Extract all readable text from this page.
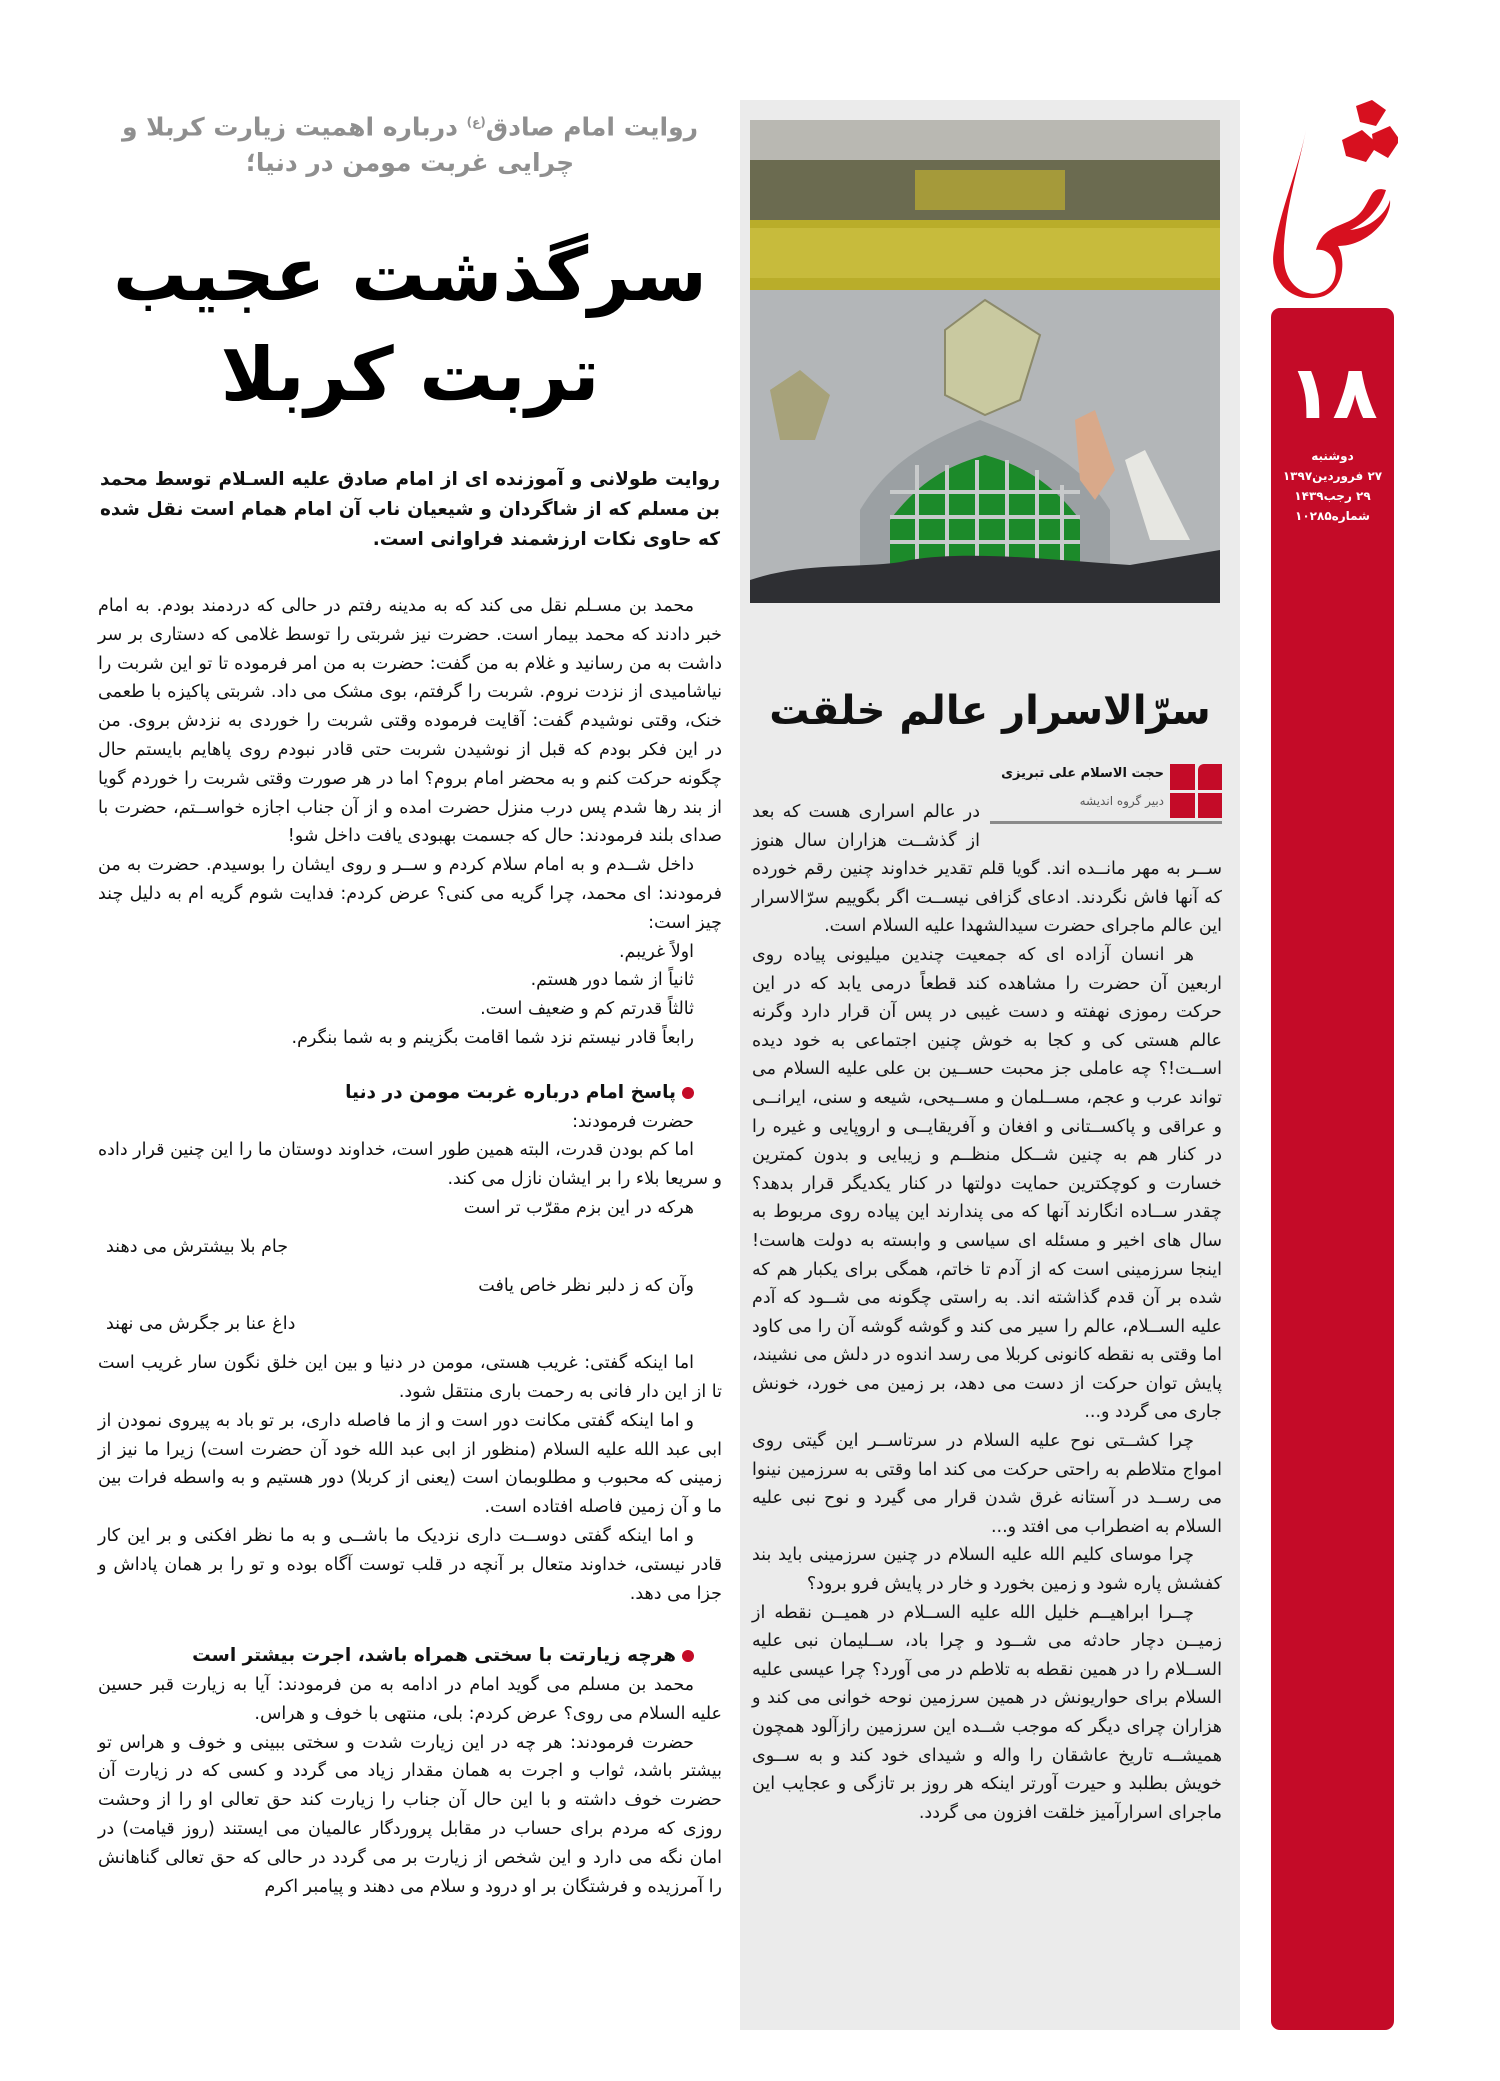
۱۸
دوشنبه
۲۷ فروردین۱۳۹۷
۲۹ رجب۱۴۳۹
شماره۱۰۲۸۵
سرّالاسرار عالم خلقت
حجت الاسلام علی تبریزی
دبیر گروه اندیشه

در عالم اسراری هست که بعد از گذشــت هزاران سال هنوز ســر به مهر مانــده اند. گویا قلم تقدیر خداوند چنین رقم خورده که آنها فاش نگردند. ادعای گزافی نیســت اگر بگوییم سرّالاسرار این عالم ماجرای حضرت سیدالشهدا علیه السلام است.

هر انسان آزاده ای که جمعیت چندین میلیونی پیاده روی اربعین آن حضرت را مشاهده کند قطعاً درمی یابد که در این حرکت رموزی نهفته و دست غیبی در پس آن قرار دارد وگرنه عالم هستی کی و کجا به خوش چنین اجتماعی به خود دیده اســت!؟ چه عاملی جز محبت حســین بن علی علیه السلام می تواند عرب و عجم، مســلمان و مســیحی، شیعه و سنی، ایرانــی و عراقی و پاکســتانی و افغان و آفریقایــی و اروپایی و غیره را در کنار هم به چنین شــکل منظــم و زیبایی و بدون کمترین خسارت و کوچکترین حمایت دولتها در کنار یکدیگر قرار بدهد؟ چقدر ســاده انگارند آنها که می پندارند این پیاده روی مربوط به سال های اخیر و مسئله ای سیاسی و وابسته به دولت هاست! اینجا سرزمینی است که از آدم تا خاتم، همگی برای یکبار هم که شده بر آن قدم گذاشته اند. به راستی چگونه می شــود که آدم علیه الســلام، عالم را سیر می کند و گوشه گوشه آن را می کاود اما وقتی به نقطه کانونی کربلا می رسد اندوه در دلش می نشیند، پایش توان حرکت از دست می دهد، بر زمین می خورد، خونش جاری می گردد و...

چرا کشــتی نوح علیه السلام در سرتاســر این گیتی روی امواج متلاطم به راحتی حرکت می کند اما وقتی به سرزمین نینوا می رســد در آستانه غرق شدن قرار می گیرد و نوح نبی علیه السلام به اضطراب می افتد و...

چرا موسای کلیم الله علیه السلام در چنین سرزمینی باید بند کفشش پاره شود و زمین بخورد و خار در پایش فرو برود؟

چــرا ابراهیــم خلیل الله علیه الســلام در همیــن نقطه از زمیــن دچار حادثه می شــود و چرا باد، ســلیمان نبی علیه الســلام را در همین نقطه به تلاطم در می آورد؟ چرا عیسی علیه السلام برای حواریونش در همین سرزمین نوحه خوانی می کند و هزاران چرای دیگر که موجب شــده این سرزمین رازآلود همچون همیشــه تاریخ عاشقان را واله و شیدای خود کند و به ســوی خویش بطلبد و حیرت آورتر اینکه هر روز بر تازگی و عجایب این ماجرای اسرارآمیز خلقت افزون می گردد.

روایت امام صادق$^{(ع)}$ درباره اهمیت زیارت کربلا و چرایی غربت مومن در دنیا؛
سرگذشت عجیب
تربت کربلا
روایت طولانی و آموزنده ای از امام صادق علیه السـلام توسط محمد بن مسلم که از شاگردان و شیعیان ناب آن امام همام است نقل شده که حاوی نکات ارزشمند فراوانی است.

محمد بن مسـلم نقل می کند که به مدینه رفتم در حالی که دردمند بودم. به امام خبر دادند که محمد بیمار است. حضرت نیز شربتی را توسط غلامی که دستاری بر سر داشت به من رسانید و غلام به من گفت: حضرت به من امر فرموده تا تو این شربت را نیاشامیدی از نزدت نروم. شربت را گرفتم، بوی مشک می داد. شربتی پاکیزه با طعمی خنک، وقتی نوشیدم گفت: آقایت فرموده وقتی شربت را خوردی به نزدش بروی. من در این فکر بودم که قبل از نوشیدن شربت حتی قادر نبودم روی پاهایم بایستم حال چگونه حرکت کنم و به محضر امام بروم؟ اما در هر صورت وقتی شربت را خوردم گویا از بند رها شدم پس درب منزل حضرت امده و از آن جناب اجازه خواســتم، حضرت با صدای بلند فرمودند: حال که جسمت بهبودی یافت داخل شو!

داخل شــدم و به امام سلام کردم و ســر و روی ایشان را بوسیدم. حضرت به من فرمودند: ای محمد، چرا گریه می کنی؟ عرض کردم: فدایت شوم گریه ام به دلیل چند چیز است:

اولاً غریبم.

ثانیاً از شما دور هستم.

ثالثاً قدرتم کم و ضعیف است.

رابعاً قادر نیستم نزد شما اقامت بگزینم و به شما بنگرم.

پاسخ امام درباره غربت مومن در دنیا

حضرت فرمودند:

اما کم بودن قدرت، البته همین طور است، خداوند دوستان ما را این چنین قرار داده و سریعا بلاء را بر ایشان نازل می کند.

هرکه در این بزم مقرّب تر است

جام بلا بیشترش می دهند

وآن که ز دلبر نظر خاص یافت

داغ عنا بر جگرش می نهند

اما اینکه گفتی: غریب هستی، مومن در دنیا و بین این خلق نگون سار غریب است تا از این دار فانی به رحمت باری منتقل شود.

و اما اینکه گفتی مکانت دور است و از ما فاصله داری، بر تو باد به پیروی نمودن از ابی عبد الله علیه السلام (منظور از ابی عبد الله خود آن حضرت است) زیرا ما نیز از زمینی که محبوب و مطلوبمان است (یعنی از کربلا) دور هستیم و به واسطه فرات بین ما و آن زمین فاصله افتاده است.

و اما اینکه گفتی دوســت داری نزدیک ما باشــی و به ما نظر افکنی و بر این کار قادر نیستی، خداوند متعال بر آنچه در قلب توست آگاه بوده و تو را بر همان پاداش و جزا می دهد.

هرچه زیارتت با سختی همراه باشد، اجرت بیشتر است

محمد بن مسلم می گوید امام در ادامه به من فرمودند: آیا به زیارت قبر حسین علیه السلام می روی؟ عرض کردم: بلی، منتهی با خوف و هراس.

حضرت فرمودند: هر چه در این زیارت شدت و سختی ببینی و خوف و هراس تو بیشتر باشد، ثواب و اجرت به همان مقدار زیاد می گردد و کسی که در زیارت آن حضرت خوف داشته و با این حال آن جناب را زیارت کند حق تعالی او را از وحشت روزی که مردم برای حساب در مقابل پروردگار عالمیان می ایستند (روز قیامت) در امان نگه می دارد و این شخص از زیارت بر می گردد در حالی که حق تعالی گناهانش را آمرزیده و فرشتگان بر او درود و سلام می دهند و پیامبر اکرم
